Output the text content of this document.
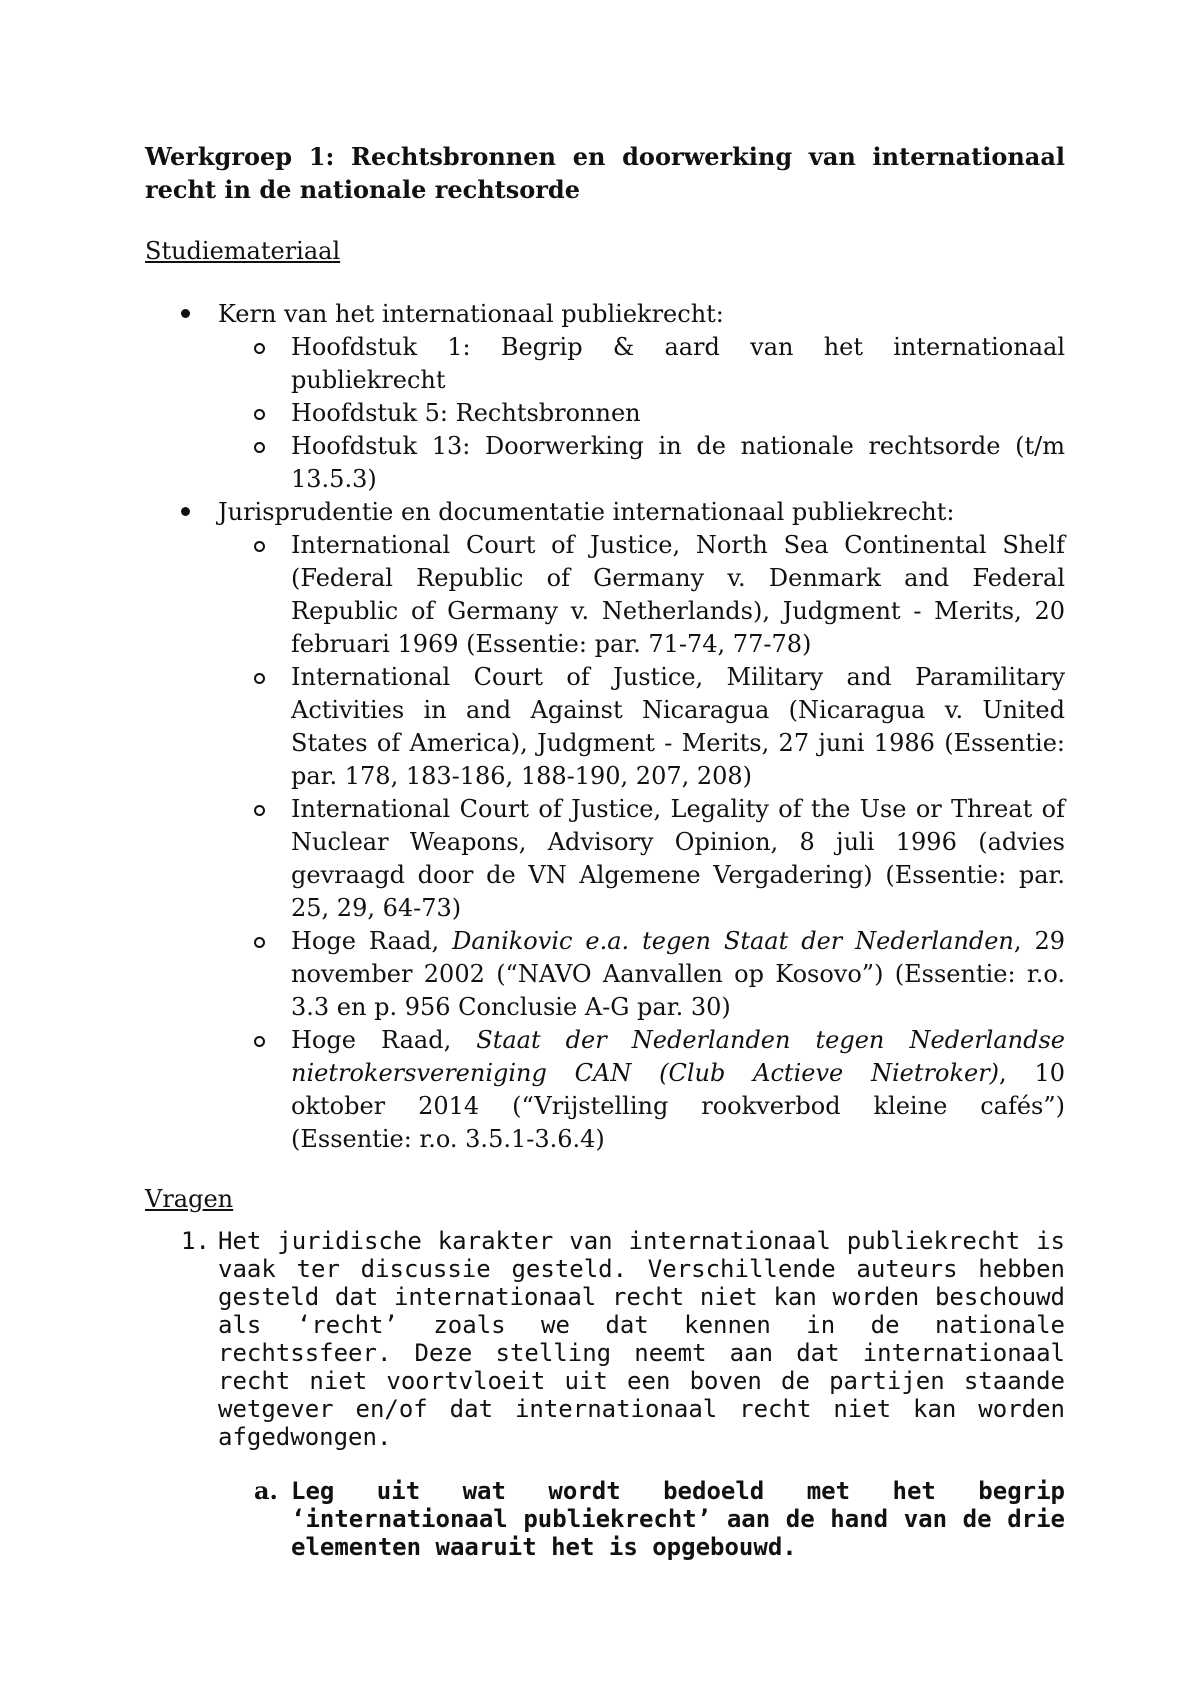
Werkgroep 1: Rechtsbronnen en doorwerking van internationaal recht in de nationale rechtsorde

Studiemateriaal

Kern van het internationaal publiekrecht:
Hoofdstuk 1: Begrip & aard van het internationaal publiekrecht
Hoofdstuk 5: Rechtsbronnen
Hoofdstuk 13: Doorwerking in de nationale rechtsorde (t/m 13.5.3)
Jurisprudentie en documentatie internationaal publiekrecht:
International Court of Justice, North Sea Continental Shelf (Federal Republic of Germany v. Denmark and Federal Republic of Germany v. Netherlands), Judgment - Merits, 20 februari 1969 (Essentie: par. 71-74, 77-78)
International Court of Justice, Military and Paramilitary Activities in and Against Nicaragua (Nicaragua v. United States of America), Judgment - Merits, 27 juni 1986 (Essentie: par. 178, 183-186, 188-190, 207, 208)
International Court of Justice, Legality of the Use or Threat of Nuclear Weapons, Advisory Opinion, 8 juli 1996 (advies gevraagd door de VN Algemene Vergadering) (Essentie: par. 25, 29, 64-73)
Hoge Raad, Danikovic e.a. tegen Staat der Nederlanden, 29 november 2002 (“NAVO Aanvallen op Kosovo”) (Essentie: r.o. 3.3 en p. 956 Conclusie A-G par. 30)
Hoge Raad, Staat der Nederlanden tegen Nederlandse nietrokersvereniging CAN (Club Actieve Nietroker), 10 oktober 2014 (“Vrijstelling rookverbod kleine cafés”) (Essentie: r.o. 3.5.1-3.6.4)

Vragen

1. Het juridische karakter van internationaal publiekrecht is vaak ter discussie gesteld. Verschillende auteurs hebben gesteld dat internationaal recht niet kan worden beschouwd als ‘recht’ zoals we dat kennen in de nationale rechtssfeer. Deze stelling neemt aan dat internationaal recht niet voortvloeit uit een boven de partijen staande wetgever en/of dat internationaal recht niet kan worden afgedwongen.
a. Leg uit wat wordt bedoeld met het begrip ‘internationaal publiekrecht’ aan de hand van de drie elementen waaruit het is opgebouwd.
